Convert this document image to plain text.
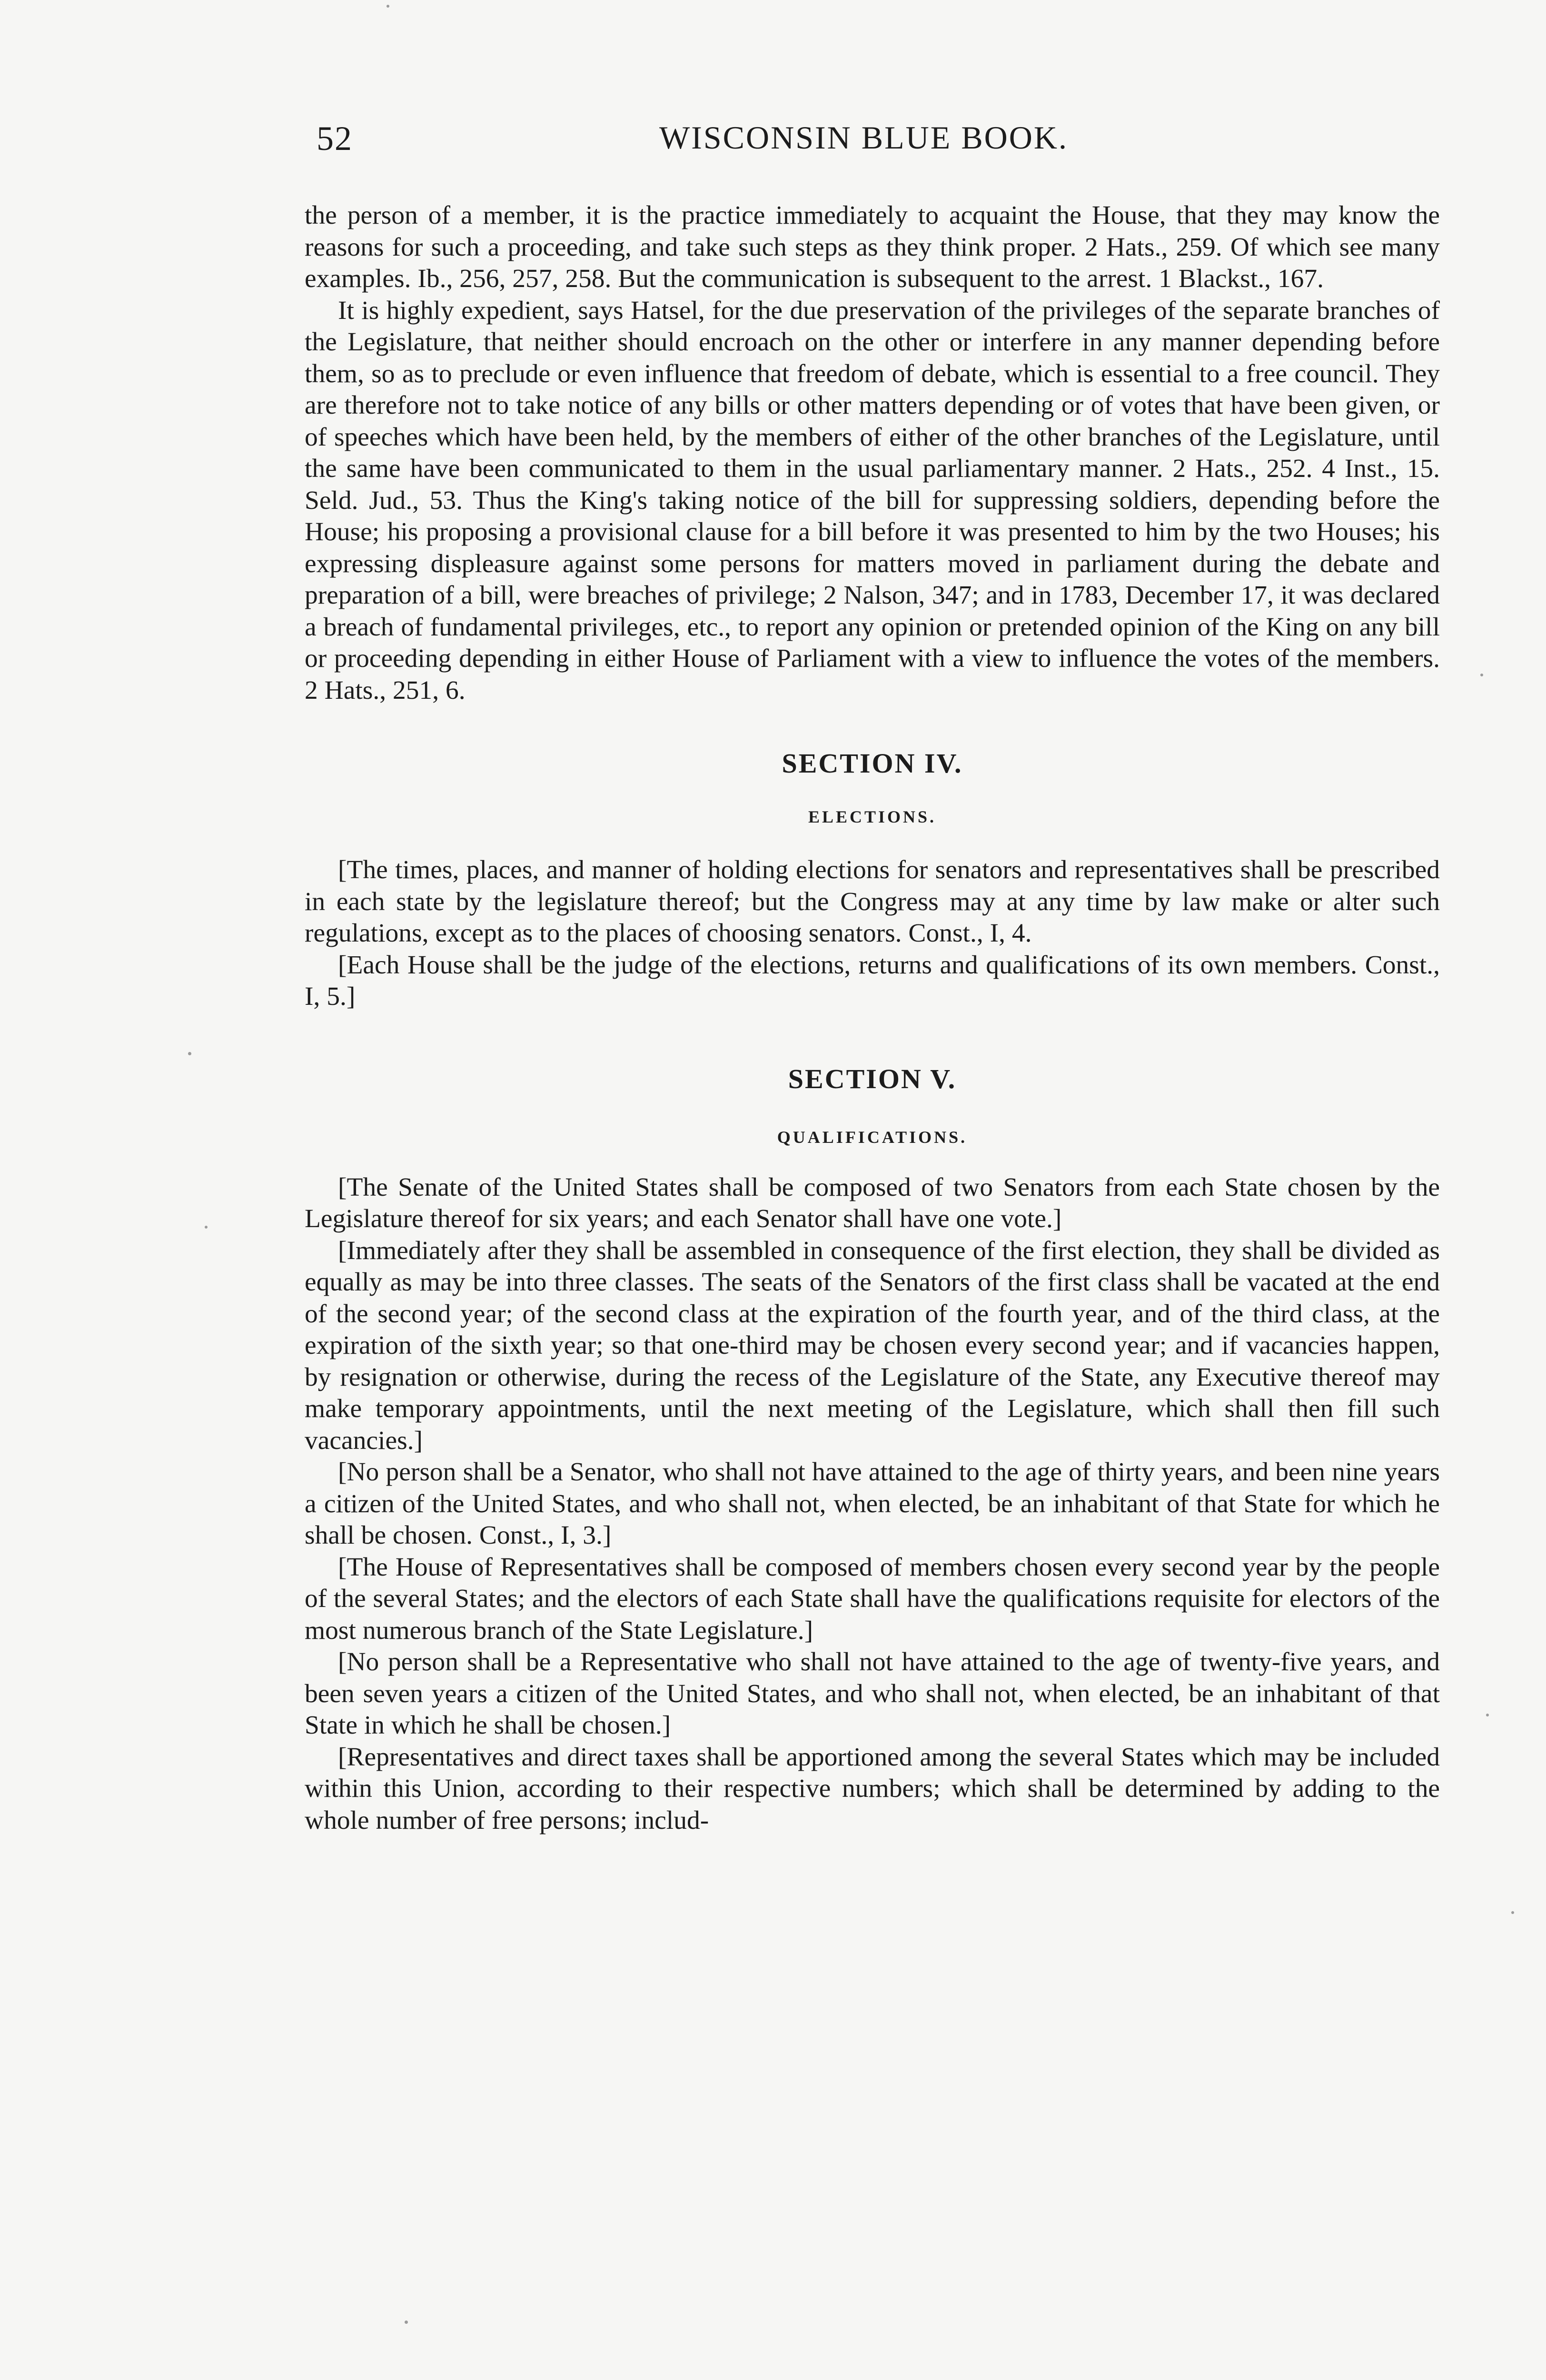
52	WISCONSIN BLUE BOOK.

the person of a member, it is the practice immediately to acquaint the House, that they may know the reasons for such a proceeding, and take such steps as they think proper. 2 Hats., 259. Of which see many examples. Ib., 256, 257, 258. But the communication is subsequent to the arrest. 1 Blackst., 167.

It is highly expedient, says Hatsel, for the due preservation of the privileges of the separate branches of the Legislature, that neither should encroach on the other or interfere in any manner depending before them, so as to preclude or even influence that freedom of debate, which is essential to a free council. They are therefore not to take notice of any bills or other matters depending or of votes that have been given, or of speeches which have been held, by the members of either of the other branches of the Legislature, until the same have been communicated to them in the usual parliamentary manner. 2 Hats., 252. 4 Inst., 15. Seld. Jud., 53. Thus the King's taking notice of the bill for suppressing soldiers, depending before the House; his proposing a provisional clause for a bill before it was presented to him by the two Houses; his expressing displeasure against some persons for matters moved in parliament during the debate and preparation of a bill, were breaches of privilege; 2 Nalson, 347; and in 1783, December 17, it was declared a breach of fundamental privileges, etc., to report any opinion or pretended opinion of the King on any bill or proceeding depending in either House of Parliament with a view to influence the votes of the members. 2 Hats., 251, 6.

SECTION IV.
ELECTIONS.

[The times, places, and manner of holding elections for senators and representatives shall be prescribed in each state by the legislature thereof; but the Congress may at any time by law make or alter such regulations, except as to the places of choosing senators. Const., I, 4.

[Each House shall be the judge of the elections, returns and qualifications of its own members. Const., I, 5.]

SECTION V.
QUALIFICATIONS.

[The Senate of the United States shall be composed of two Senators from each State chosen by the Legislature thereof for six years; and each Senator shall have one vote.]

[Immediately after they shall be assembled in consequence of the first election, they shall be divided as equally as may be into three classes. The seats of the Senators of the first class shall be vacated at the end of the second year; of the second class at the expiration of the fourth year, and of the third class, at the expiration of the sixth year; so that one-third may be chosen every second year; and if vacancies happen, by resignation or otherwise, during the recess of the Legislature of the State, any Executive thereof may make temporary appointments, until the next meeting of the Legislature, which shall then fill such vacancies.]

[No person shall be a Senator, who shall not have attained to the age of thirty years, and been nine years a citizen of the United States, and who shall not, when elected, be an inhabitant of that State for which he shall be chosen. Const., I, 3.]

[The House of Representatives shall be composed of members chosen every second year by the people of the several States; and the electors of each State shall have the qualifications requisite for electors of the most numerous branch of the State Legislature.]

[No person shall be a Representative who shall not have attained to the age of twenty-five years, and been seven years a citizen of the United States, and who shall not, when elected, be an inhabitant of that State in which he shall be chosen.]

[Representatives and direct taxes shall be apportioned among the several States which may be included within this Union, according to their respective numbers; which shall be determined by adding to the whole number of free persons; includ-
